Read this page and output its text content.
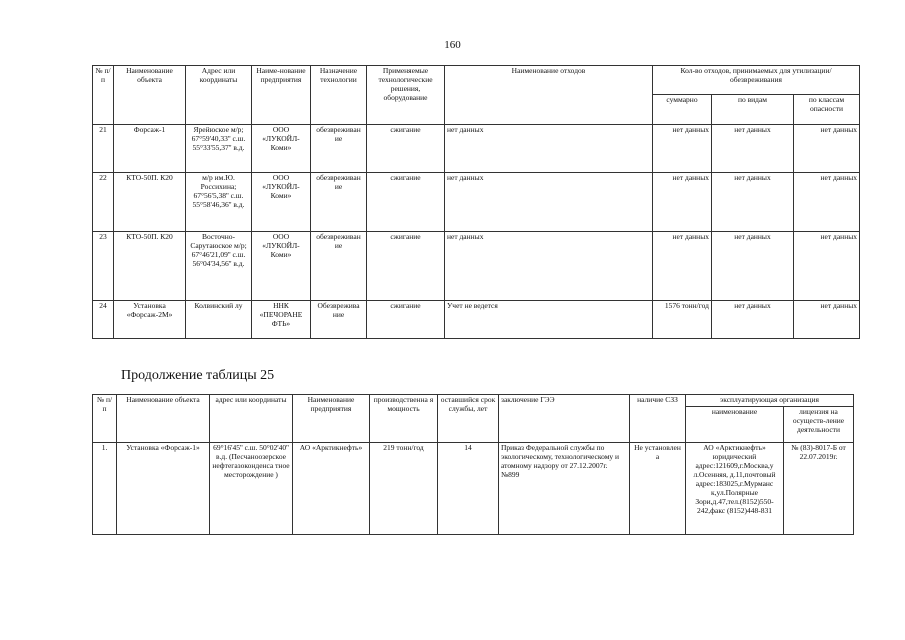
160
№ п/п	Наименование объекта	Адрес или координаты	Наиме-нование предприятия	Назначение технологии	Применяемые технологические решения, оборудование	Наименование отходов	Кол-во отходов, принимаемых для утилизации/обезвреживания		
							суммарно	по видам	по классам опасности
21	Форсаж-1	Ярейюское м/р; 67°59'40,33'' с.ш. 55°33'55,37'' в.д.	ООО «ЛУКОЙЛ-Коми»	обезвреживан ие	сжигание	нет данных	нет данных	нет данных	нет данных
22	КТО-50П. К20	м/р им.Ю. Россихина; 67°56'5,38'' с.ш. 55°58'46,36'' в.д.	ООО «ЛУКОЙЛ-Коми»	обезвреживан ие	сжигание	нет данных	нет данных	нет данных	нет данных
23	КТО-50П. К20	Восточно-Сарутаюское м/р; 67°46'21,09'' с.ш. 56°04'34,56'' в.д.	ООО «ЛУКОЙЛ-Коми»	обезвреживан ие	сжигание	нет данных	нет данных	нет данных	нет данных
24	Установка «Форсаж-2М»	Колвинский лу	ННК «ПЕЧОРАНЕ ФТЬ»	Обезврежива ние	сжигание	Учет не ведется	1576 тонн/год	нет данных	нет данных
Продолжение таблицы 25
№ п/ п	Наименование объекта	адрес или координаты	Наименование предприятия	производственна я мощность	оставшийся срок службы, лет	заключение ГЭЭ	наличие СЗЗ	эксплуатирующая организация	
								наименование	лицензия на осуществ-ление деятельности
1.	Установка «Форсаж-1»	69°16'45'' с.ш. 50°02'40'' в.д. (Песчаноозерское нефтегазоконденса тное месторождение )	АО «Арктикнефть»	219 тонн/год	14	Приказ Федеральной службы по экологическому, технологическому и атомному надзору от 27.12.2007г. №899	Не установлен а	АО «Арктикнефть» юридический адрес:121609,г.Москва,у л.Осенняя, д.11,почтовый адрес:183025,г.Мурманс к,ул.Полярные Зори,д.47,тел.(8152)550-242,факс (8152)448-831	№ (83)-8017-Б от 22.07.2019г.
